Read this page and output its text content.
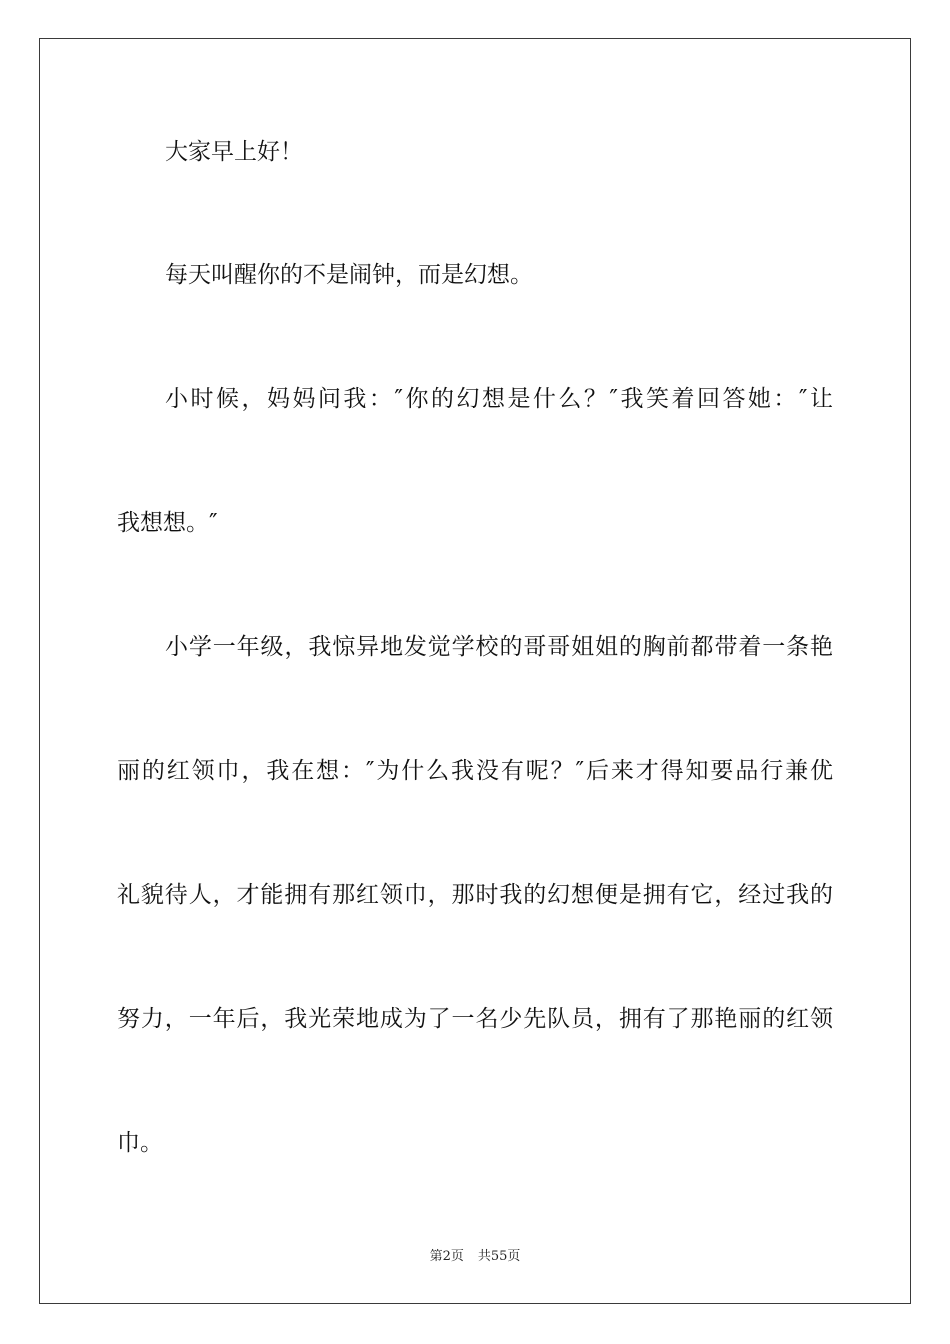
大家早上好！
每天叫醒你的不是闹钟，而是幻想。
小时候，妈妈问我：″你的幻想是什么？″我笑着回答她：″让
我想想。″
小学一年级，我惊异地发觉学校的哥哥姐姐的胸前都带着一条艳
丽的红领巾，我在想：″为什么我没有呢？″后来才得知要品行兼优
礼貌待人，才能拥有那红领巾，那时我的幻想便是拥有它，经过我的
努力，一年后，我光荣地成为了一名少先队员，拥有了那艳丽的红领
巾。
第2页 共55页
